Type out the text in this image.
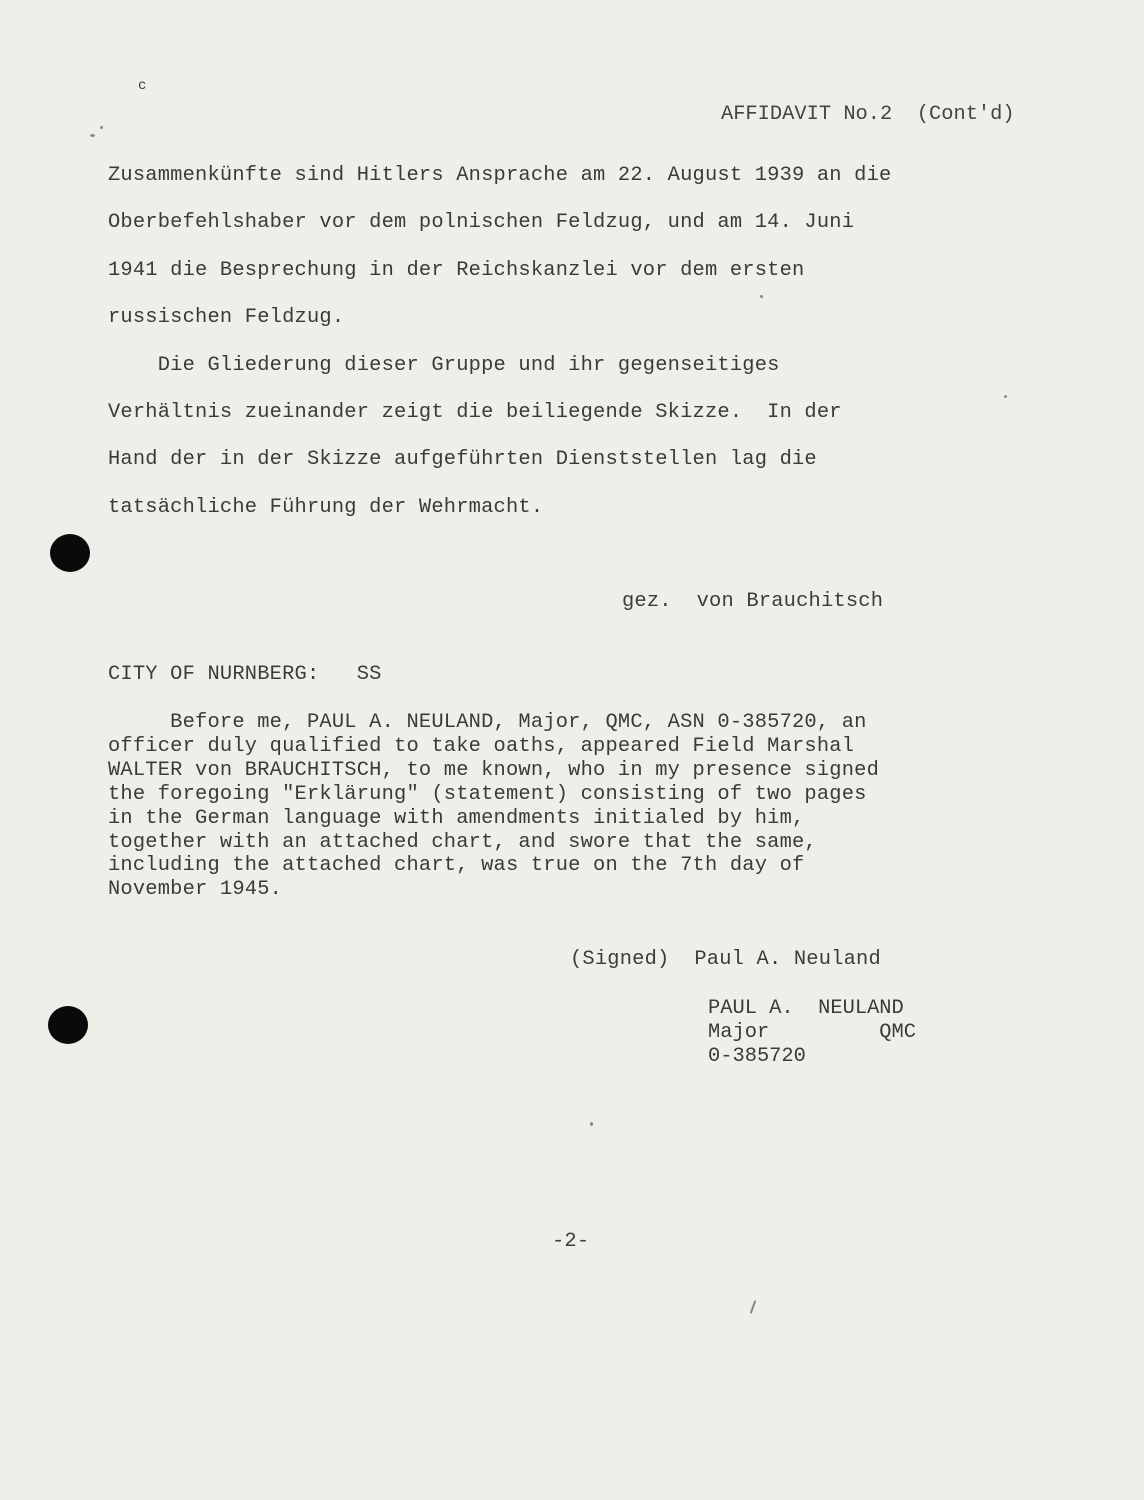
c

AFFIDAVIT No.2 (Cont'd)

Zusammenkünfte sind Hitlers Ansprache am 22. August 1939 an die

Oberbefehlshaber vor dem polnischen Feldzug, und am 14. Juni

1941 die Besprechung in der Reichskanzlei vor dem ersten

russischen Feldzug.

Die Gliederung dieser Gruppe und ihr gegenseitiges

Verhältnis zueinander zeigt die beiliegende Skizze.  In der

Hand der in der Skizze aufgeführten Dienststellen lag die

tatsächliche Führung der Wehrmacht.

gez.  von Brauchitsch
CITY OF NURNBERG:   SS

Before me, PAUL A. NEULAND, Major, QMC, ASN 0-385720, an

officer duly qualified to take oaths, appeared Field Marshal

WALTER von BRAUCHITSCH, to me known, who in my presence signed

the foregoing "Erklärung" (statement) consisting of two pages

in the German language with amendments initialed by him,

together with an attached chart, and swore that the same,

including the attached chart, was true on the 7th day of

November 1945.

(Signed)  Paul A. Neuland

PAUL A.  NEULAND

Major         QMC

0-385720

-2-
